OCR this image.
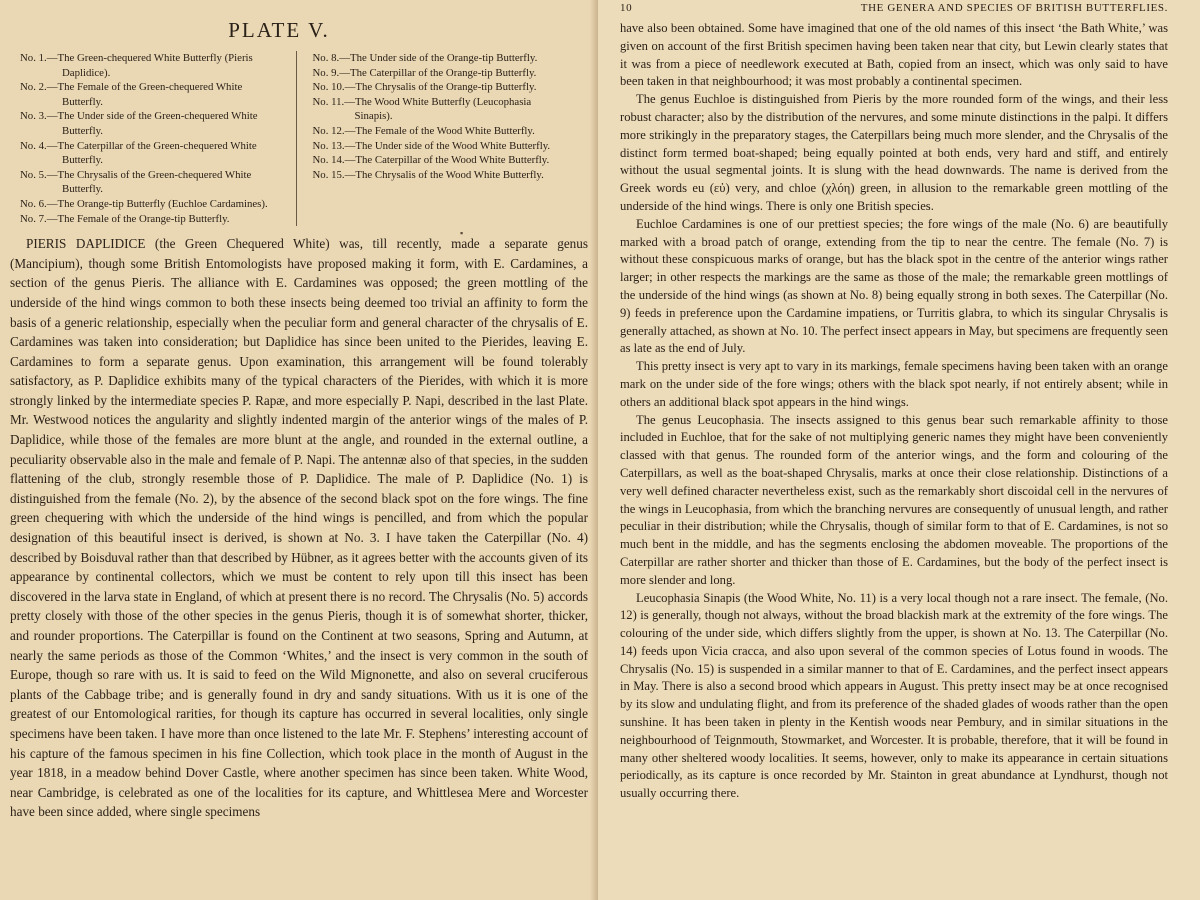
PLATE V.
No. 1.—The Green-chequered White Butterfly (Pieris Daplidice).
No. 2.—The Female of the Green-chequered White Butterfly.
No. 3.—The Under side of the Green-chequered White Butterfly.
No. 4.—The Caterpillar of the Green-chequered White Butterfly.
No. 5.—The Chrysalis of the Green-chequered White Butterfly.
No. 6.—The Orange-tip Butterfly (Euchloe Cardamines).
No. 7.—The Female of the Orange-tip Butterfly.
No. 8.—The Under side of the Orange-tip Butterfly.
No. 9.—The Caterpillar of the Orange-tip Butterfly.
No. 10.—The Chrysalis of the Orange-tip Butterfly.
No. 11.—The Wood White Butterfly (Leucophasia Sinapis).
No. 12.—The Female of the Wood White Butterfly.
No. 13.—The Under side of the Wood White Butterfly.
No. 14.—The Caterpillar of the Wood White Butterfly.
No. 15.—The Chrysalis of the Wood White Butterfly.
▪

PIERIS DAPLIDICE (the Green Chequered White) was, till recently, made a separate genus (Mancipium), though some British Entomologists have proposed making it form, with E. Cardamines, a section of the genus Pieris. The alliance with E. Cardamines was opposed; the green mottling of the underside of the hind wings common to both these insects being deemed too trivial an affinity to form the basis of a generic relationship, especially when the peculiar form and general character of the chrysalis of E. Cardamines was taken into consideration; but Daplidice has since been united to the Pierides, leaving E. Cardamines to form a separate genus. Upon examination, this arrangement will be found tolerably satisfactory, as P. Daplidice exhibits many of the typical characters of the Pierides, with which it is more strongly linked by the intermediate species P. Rapæ, and more especially P. Napi, described in the last Plate. Mr. Westwood notices the angularity and slightly indented margin of the anterior wings of the males of P. Daplidice, while those of the females are more blunt at the angle, and rounded in the external outline, a peculiarity observable also in the male and female of P. Napi. The antennæ also of that species, in the sudden flattening of the club, strongly resemble those of P. Daplidice. The male of P. Daplidice (No. 1) is distinguished from the female (No. 2), by the absence of the second black spot on the fore wings. The fine green chequering with which the underside of the hind wings is pencilled, and from which the popular designation of this beautiful insect is derived, is shown at No. 3. I have taken the Caterpillar (No. 4) described by Boisduval rather than that described by Hübner, as it agrees better with the accounts given of its appearance by continental collectors, which we must be content to rely upon till this insect has been discovered in the larva state in England, of which at present there is no record. The Chrysalis (No. 5) accords pretty closely with those of the other species in the genus Pieris, though it is of somewhat shorter, thicker, and rounder proportions. The Caterpillar is found on the Continent at two seasons, Spring and Autumn, at nearly the same periods as those of the Common ‘Whites,’ and the insect is very common in the south of Europe, though so rare with us. It is said to feed on the Wild Mignonette, and also on several cruciferous plants of the Cabbage tribe; and is generally found in dry and sandy situations. With us it is one of the greatest of our Entomological rarities, for though its capture has occurred in several localities, only single specimens have been taken. I have more than once listened to the late Mr. F. Stephens’ interesting account of his capture of the famous specimen in his fine Collection, which took place in the month of August in the year 1818, in a meadow behind Dover Castle, where another specimen has since been taken. White Wood, near Cambridge, is celebrated as one of the localities for its capture, and Whittlesea Mere and Worcester have been since added, where single specimens

10	THE GENERA AND SPECIES OF BRITISH BUTTERFLIES.

have also been obtained. Some have imagined that one of the old names of this insect ‘the Bath White,’ was given on account of the first British specimen having been taken near that city, but Lewin clearly states that it was from a piece of needlework executed at Bath, copied from an insect, which was only said to have been taken in that neighbourhood; it was most probably a continental specimen.

The genus Euchloe is distinguished from Pieris by the more rounded form of the wings, and their less robust character; also by the distribution of the nervures, and some minute distinctions in the palpi. It differs more strikingly in the preparatory stages, the Caterpillars being much more slender, and the Chrysalis of the distinct form termed boat-shaped; being equally pointed at both ends, very hard and stiff, and entirely without the usual segmental joints. It is slung with the head downwards. The name is derived from the Greek words eu (εὐ) very, and chloe (χλόη) green, in allusion to the remarkable green mottling of the underside of the hind wings. There is only one British species.

Euchloe Cardamines is one of our prettiest species; the fore wings of the male (No. 6) are beautifully marked with a broad patch of orange, extending from the tip to near the centre. The female (No. 7) is without these conspicuous marks of orange, but has the black spot in the centre of the anterior wings rather larger; in other respects the markings are the same as those of the male; the remarkable green mottlings of the underside of the hind wings (as shown at No. 8) being equally strong in both sexes. The Caterpillar (No. 9) feeds in preference upon the Cardamine impatiens, or Turritis glabra, to which its singular Chrysalis is generally attached, as shown at No. 10. The perfect insect appears in May, but specimens are frequently seen as late as the end of July.

This pretty insect is very apt to vary in its markings, female specimens having been taken with an orange mark on the under side of the fore wings; others with the black spot nearly, if not entirely absent; while in others an additional black spot appears in the hind wings.

The genus Leucophasia. The insects assigned to this genus bear such remarkable affinity to those included in Euchloe, that for the sake of not multiplying generic names they might have been conveniently classed with that genus. The rounded form of the anterior wings, and the form and colouring of the Caterpillars, as well as the boat-shaped Chrysalis, marks at once their close relationship. Distinctions of a very well defined character nevertheless exist, such as the remarkably short discoidal cell in the nervures of the wings in Leucophasia, from which the branching nervures are consequently of unusual length, and rather peculiar in their distribution; while the Chrysalis, though of similar form to that of E. Cardamines, is not so much bent in the middle, and has the segments enclosing the abdomen moveable. The proportions of the Caterpillar are rather shorter and thicker than those of E. Cardamines, but the body of the perfect insect is more slender and long.

Leucophasia Sinapis (the Wood White, No. 11) is a very local though not a rare insect. The female, (No. 12) is generally, though not always, without the broad blackish mark at the extremity of the fore wings. The colouring of the under side, which differs slightly from the upper, is shown at No. 13. The Caterpillar (No. 14) feeds upon Vicia cracca, and also upon several of the common species of Lotus found in woods. The Chrysalis (No. 15) is suspended in a similar manner to that of E. Cardamines, and the perfect insect appears in May. There is also a second brood which appears in August. This pretty insect may be at once recognised by its slow and undulating flight, and from its preference of the shaded glades of woods rather than the open sunshine. It has been taken in plenty in the Kentish woods near Pembury, and in similar situations in the neighbourhood of Teignmouth, Stowmarket, and Worcester. It is probable, therefore, that it will be found in many other sheltered woody localities. It seems, however, only to make its appearance in certain situations periodically, as its capture is once recorded by Mr. Stainton in great abundance at Lyndhurst, though not usually occurring there.
